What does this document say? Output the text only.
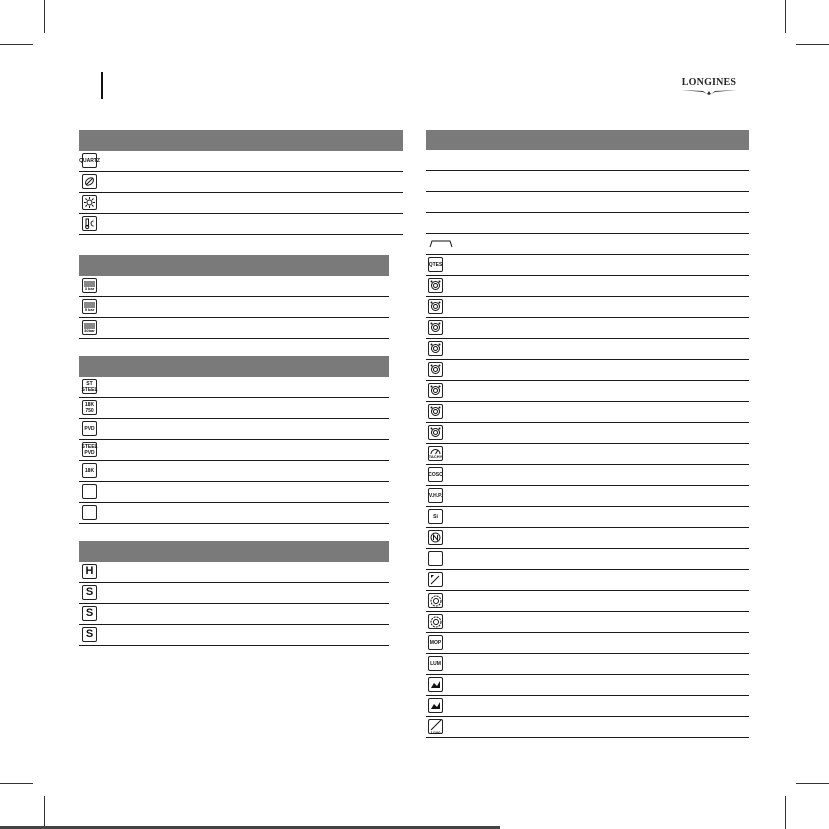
LONGINES
QUARTZ
3 bar
5 bar
30bar
ST STEEL
18K 750
PVD
STEEL PVD
18K
H
S
S
S
QTES
TACHY
COSC
V.H.P.
Si
MOP
LUM
1/100
